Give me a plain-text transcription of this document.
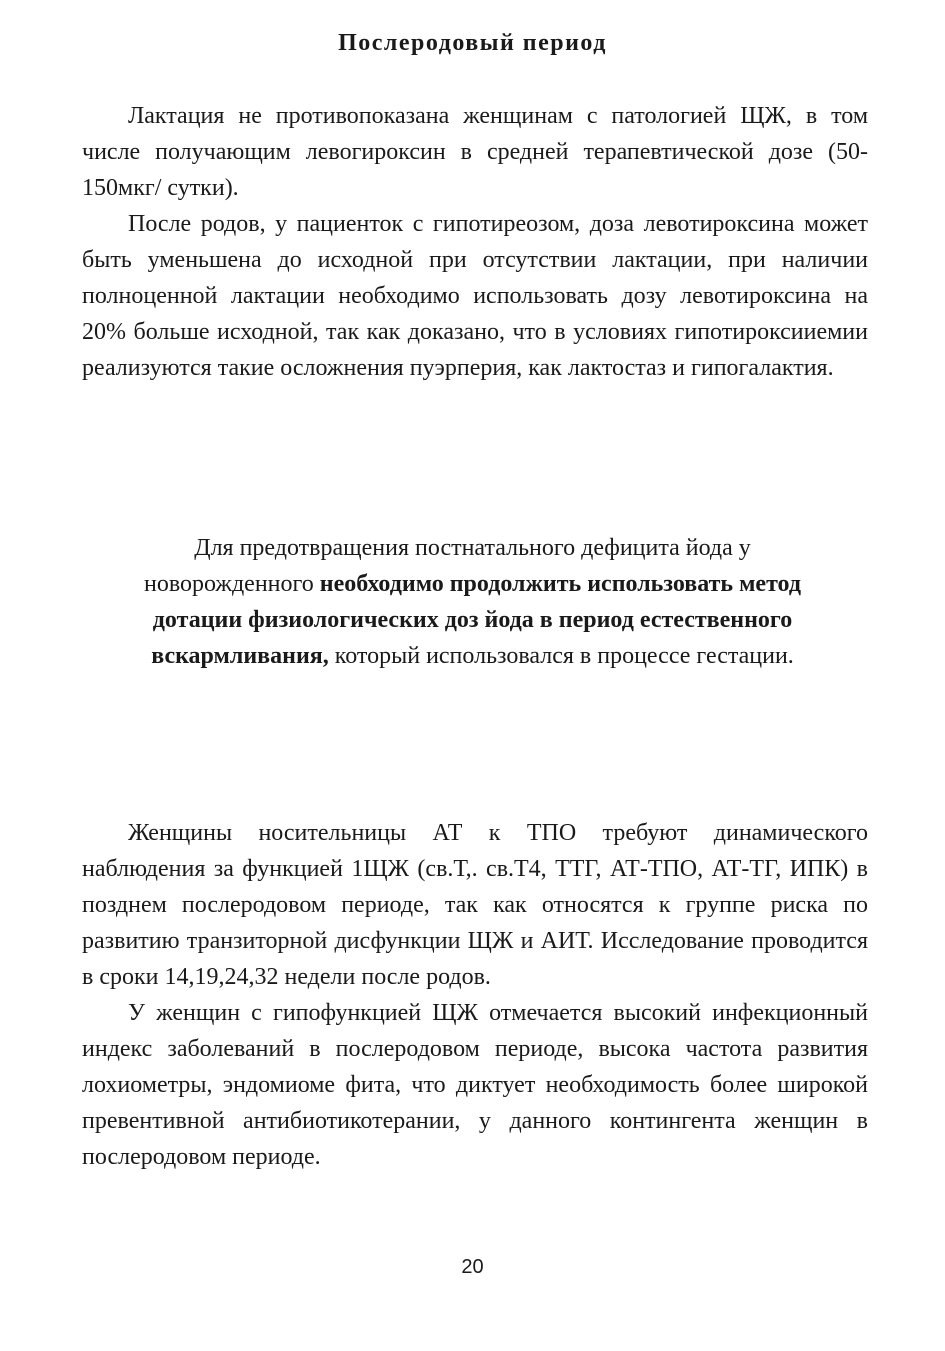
Послеродовый период

Лактация не противопоказана женщинам с патологией ЩЖ, в том числе получающим левогироксин в средней терапевтической дозе (50-150мкг/ сутки).

После родов, у пациенток с гипотиреозом, доза левотироксина может быть уменьшена до исходной при отсутствии лактации, при наличии полноценной лактации необходимо использовать дозу левотироксина на 20% больше исходной, так как доказано, что в условиях гипотироксииемии реализуются такие осложнения пуэрперия, как лактостаз и гипогалактия.

Для предотвращения постнатального дефицита йода у новорожденного необходимо продолжить использовать метод дотации физиологических доз йода в период естественного вскармливания, который использовался в процессе гестации.

Женщины носительницы АТ к ТПО требуют динамического наблюдения за функцией 1ЩЖ (св.Т,. св.Т4, ТТГ, АТ-ТПО, АТ-ТГ, ИПК) в позднем послеродовом периоде, так как относятся к группе риска по развитию транзиторной дисфункции ЩЖ и АИТ. Исследование проводится в сроки 14,19,24,32 недели после родов.

У женщин с гипофункцией ЩЖ отмечается высокий инфекционный индекс заболеваний в послеродовом периоде, высока частота развития лохиометры, эндомиоме фита, что диктует необходимость более широкой превентивной антибиотикотерании, у данного контингента женщин в послеродовом периоде.

20
